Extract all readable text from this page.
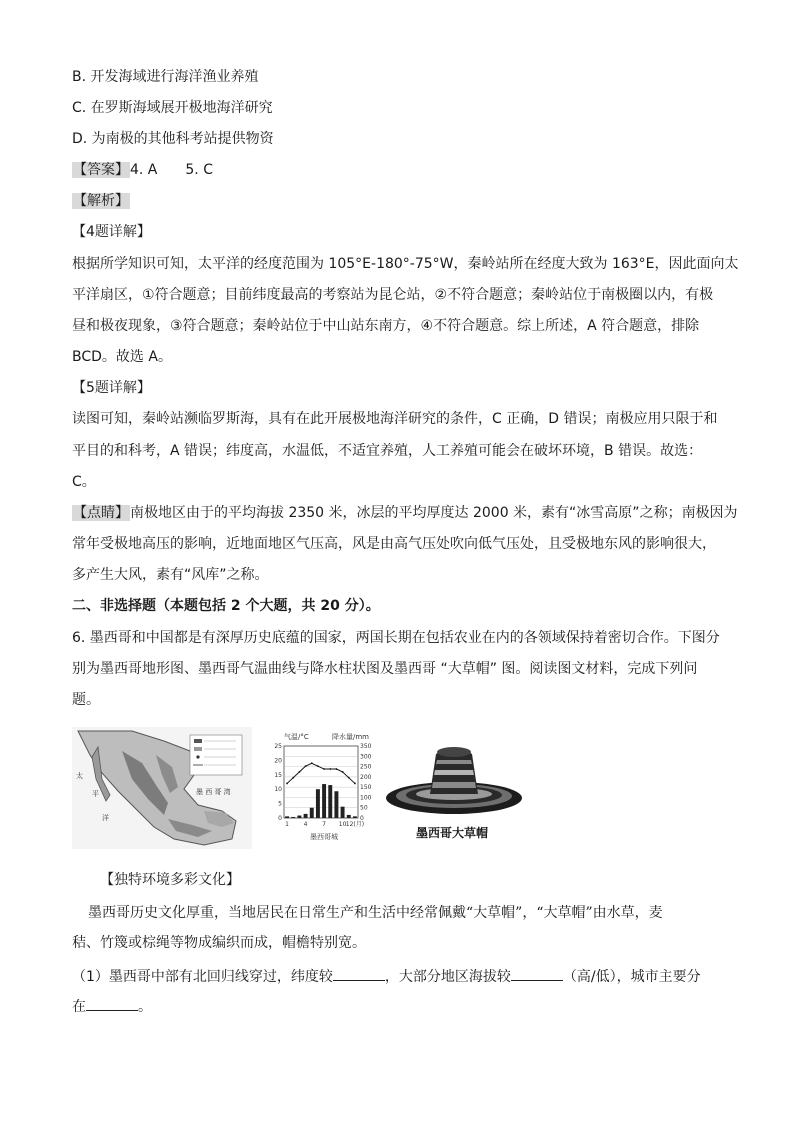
B. 开发海域进行海洋渔业养殖
C. 在罗斯海域展开极地海洋研究
D. 为南极的其他科考站提供物资
【答案】4. A　　5. C
【解析】
【4题详解】
根据所学知识可知，太平洋的经度范围为 105°E-180°-75°W，秦岭站所在经度大致为 163°E，因此面向太
平洋扇区，①符合题意；目前纬度最高的考察站为昆仑站，②不符合题意；秦岭站位于南极圈以内，有极
昼和极夜现象，③符合题意；秦岭站位于中山站东南方，④不符合题意。综上所述，A 符合题意，排除
BCD。故选 A。
【5题详解】
读图可知，秦岭站濒临罗斯海，具有在此开展极地海洋研究的条件，C 正确，D 错误；南极应用只限于和
平目的和科考，A 错误；纬度高，水温低，不适宜养殖，人工养殖可能会在破坏环境，B 错误。故选：
C。
【点睛】南极地区由于的平均海拔 2350 米，冰层的平均厚度达 2000 米，素有“冰雪高原”之称；南极因为
常年受极地高压的影响，近地面地区气压高，风是由高气压处吹向低气压处，且受极地东风的影响很大，
多产生大风，素有“风库”之称。
二、非选择题（本题包括 2 个大题，共 20 分）。
6. 墨西哥和中国都是有深厚历史底蕴的国家，两国长期在包括农业在内的各领域保持着密切合作。下图分
别为墨西哥地形图、墨西哥气温曲线与降水柱状图及墨西哥 “大草帽” 图。阅读图文材料，完成下列问
题。
太
平
洋
墨 西 哥 湾
气温/°C	降水量/mm
墨西哥城
25
20
15
10
5
0
350
300
250
200
150
100
50
0
1 4 7 10 12(月)
墨西哥大草帽
【独特环境多彩文化】
墨西哥历史文化厚重，当地居民在日常生产和生活中经常佩戴“大草帽”，“大草帽”由水草，麦
秸、竹篾或棕绳等物成编织而成，帽檐特别宽。
（1）墨西哥中部有北回归线穿过，纬度较	，大部分地区海拔较	（高/低），城市主要分
在	。
